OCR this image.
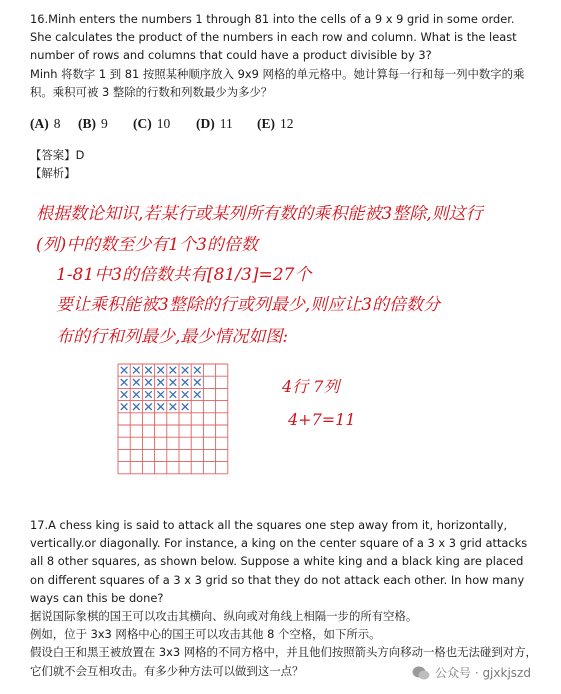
16.Minh enters the numbers 1 through 81 into the cells of a 9 x 9 grid in some order. She calculates the product of the numbers in each row and column. What is the least number of rows and columns that could have a product divisible by 3?
Minh 将数字 1 到 81 按照某种顺序放入 9x9 网格的单元格中。她计算每一行和每一列中数字的乘积。乘积可被 3 整除的行数和列数最少为多少？
(A) 8 (B) 9 (C) 10 (D) 11 (E) 12
【答案】D
【解析】
根据数论知识,若某行或某列所有数的乘积能被3整除,则这行
(列)中的数至少有1个3的倍数
1-81中3的倍数共有[81/3]=27个
要让乘积能被3整除的行或列最少,则应让3的倍数分
布的行和列最少,最少情况如图:
4行 7列
4+7=11
17.A chess king is said to attack all the squares one step away from it, horizontally, vertically.or diagonally. For instance, a king on the center square of a 3 x 3 grid attacks all 8 other squares, as shown below. Suppose a white king and a black king are placed on different squares of a 3 x 3 grid so that they do not attack each other. In how many ways can this be done?
据说国际象棋的国王可以攻击其横向、纵向或对角线上相隔一步的所有空格。
例如，位于 3x3 网格中心的国王可以攻击其他 8 个空格，如下所示。
假设白王和黑王被放置在 3x3 网格的不同方格中，并且他们按照箭头方向移动一格也无法碰到对方，它们就不会互相攻击。有多少种方法可以做到这一点？	公众号 · gjxkjszd
